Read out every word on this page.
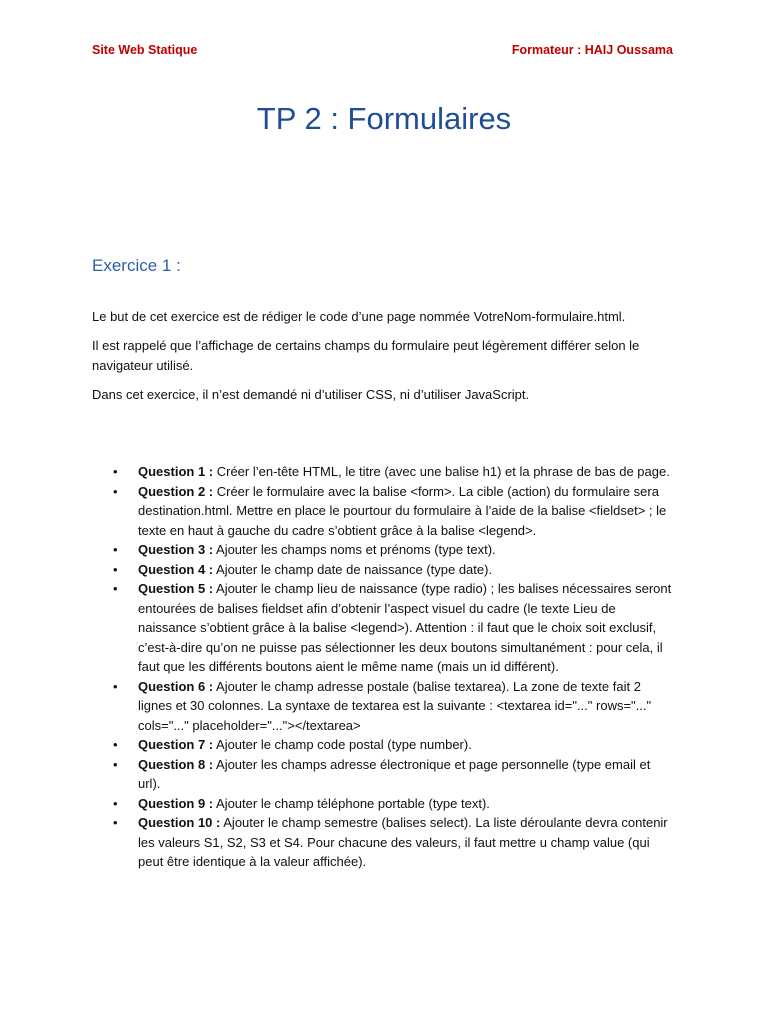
Site Web Statique	Formateur : HAIJ Oussama
TP 2 : Formulaires
Exercice 1 :

Le but de cet exercice est de rédiger le code d’une page nommée VotreNom-formulaire.html.

Il est rappelé que l’affichage de certains champs du formulaire peut légèrement différer selon le navigateur utilisé.

Dans cet exercice, il n’est demandé ni d’utiliser CSS, ni d’utiliser JavaScript.

• Question 1 : Créer l’en-tête HTML, le titre (avec une balise h1) et la phrase de bas de page.
• Question 2 : Créer le formulaire avec la balise <form>. La cible (action) du formulaire sera destination.html. Mettre en place le pourtour du formulaire à l’aide de la balise <fieldset> ; le texte en haut à gauche du cadre s’obtient grâce à la balise <legend>.
• Question 3 : Ajouter les champs noms et prénoms (type text).
• Question 4 : Ajouter le champ date de naissance (type date).
• Question 5 : Ajouter le champ lieu de naissance (type radio) ; les balises nécessaires seront entourées de balises fieldset afin d’obtenir l’aspect visuel du cadre (le texte Lieu de naissance s’obtient grâce à la balise <legend>). Attention : il faut que le choix soit exclusif, c’est-à-dire qu’on ne puisse pas sélectionner les deux boutons simultanément : pour cela, il faut que les différents boutons aient le même name (mais un id différent).
• Question 6 : Ajouter le champ adresse postale (balise textarea). La zone de texte fait 2 lignes et 30 colonnes. La syntaxe de textarea est la suivante : <textarea id="..." rows="..." cols="..." placeholder="..."></textarea>
• Question 7 : Ajouter le champ code postal (type number).
• Question 8 : Ajouter les champs adresse électronique et page personnelle (type email et url).
• Question 9 : Ajouter le champ téléphone portable (type text).
• Question 10 : Ajouter le champ semestre (balises select). La liste déroulante devra contenir les valeurs S1, S2, S3 et S4. Pour chacune des valeurs, il faut mettre u champ value (qui peut être identique à la valeur affichée).
